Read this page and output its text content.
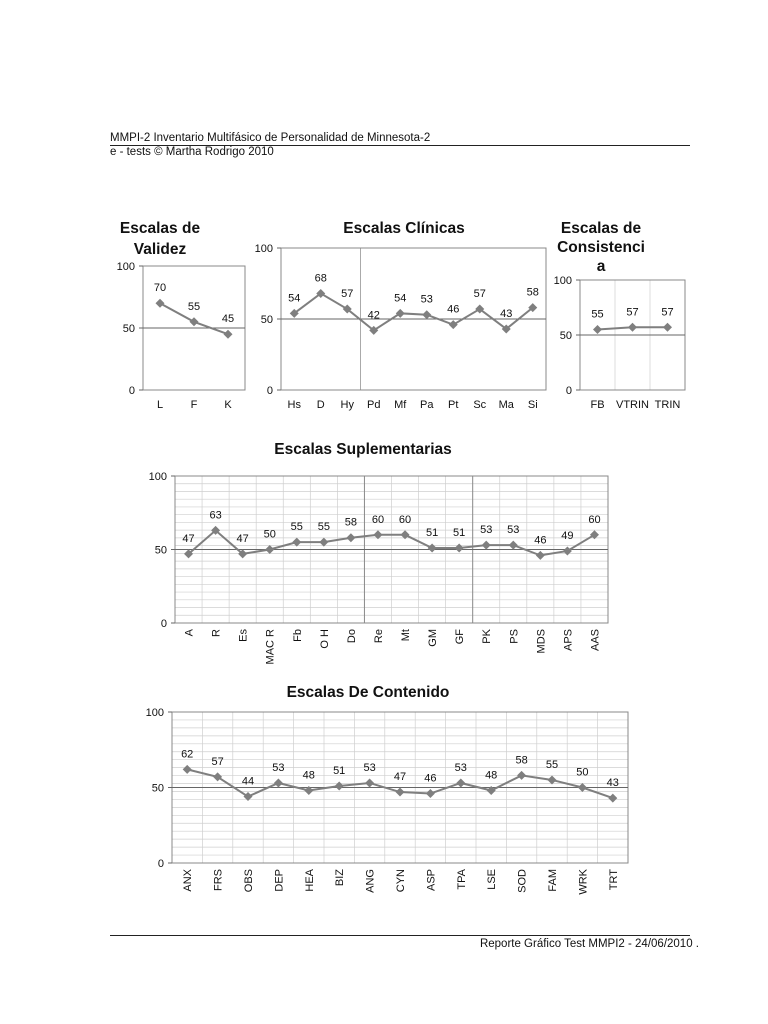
MMPI-2 Inventario Multifásico de Personalidad de Minnesota-2
e - tests © Martha Rodrigo 2010
Escalas de
Validez
0
50
100
L	F K
70
55
45
Escalas Clínicas
0
50
100
Hs D Hy Pd Mf Pa Pt Sc Ma Si
54
68
57
42
54 53
46
57
43
58
Escalas de
Consistenci
a
0
50
100
FB VTRIN TRIN
55 57 57
Escalas Suplementarias
0
50
100
A R Es MAC R Fb O H Do Re Mt GM GF PK PS MDS APS AAS
47
63
47 50
55 55 58 60 60
51 51 53 53
46 49
60
Escalas De Contenido
0
50
100
ANX FRS OBS DEP HEA BIZ ANG CYN ASP TPA LSE SOD FAM WRK TRT
62
57
44
53
48 51 53
47 46
53
48
58 55
50
43
Reporte Gráfico Test MMPI2 - 24/06/2010 .
